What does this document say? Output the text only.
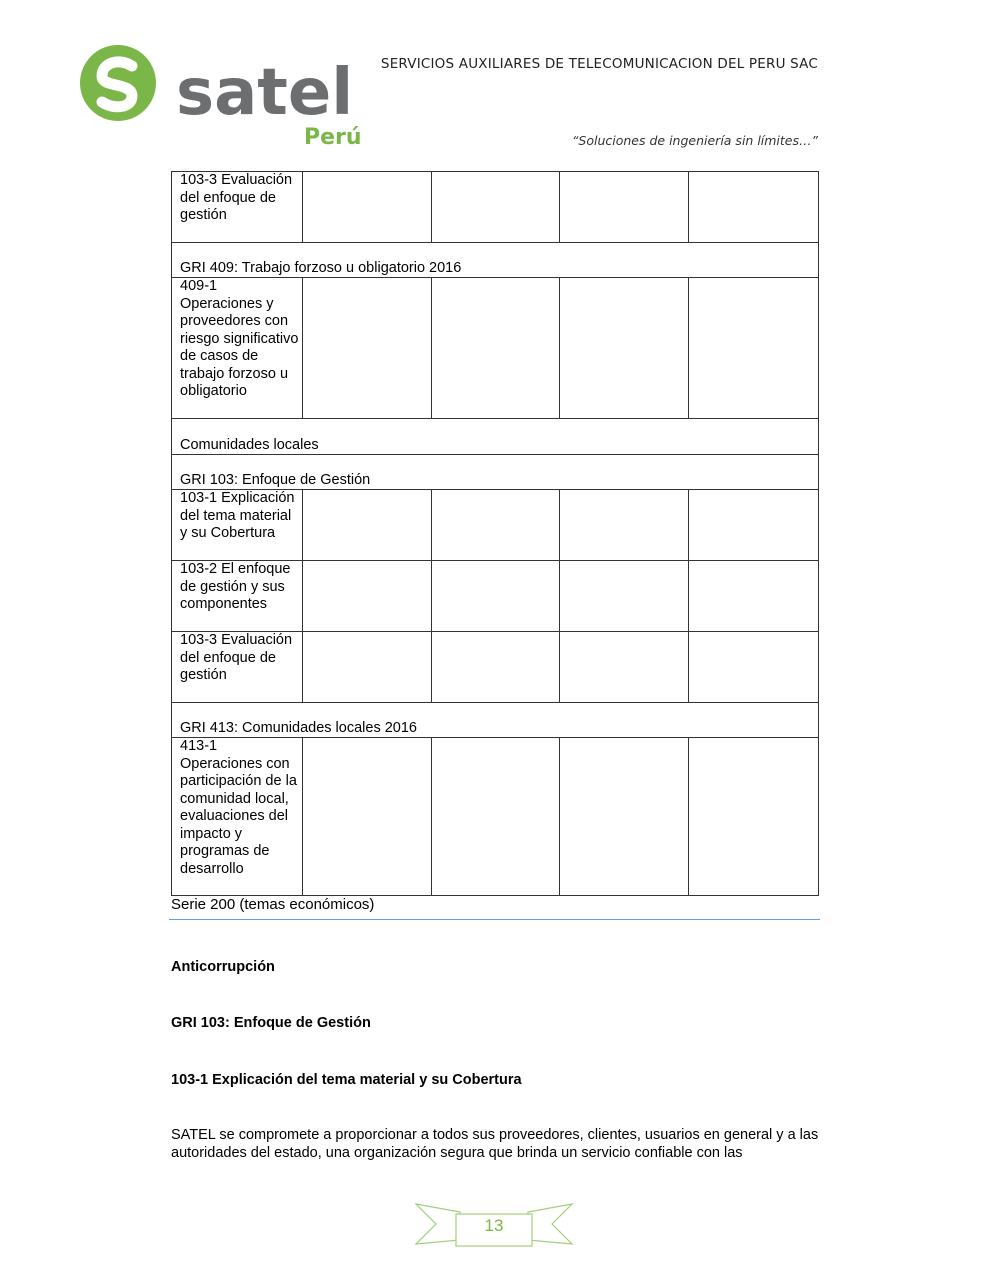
satel
Perú
SERVICIOS AUXILIARES DE TELECOMUNICACION DEL PERU SAC
“Soluciones de ingeniería sin límites…”
103-3 Evaluación del enfoque de gestión				
GRI 409: Trabajo forzoso u obligatorio 2016				
409-1 Operaciones y proveedores con riesgo significativo de casos de trabajo forzoso u obligatorio				
Comunidades locales				
GRI 103: Enfoque de Gestión				
103-1 Explicación del tema material y su Cobertura				
103-2 El enfoque de gestión y sus componentes				
103-3 Evaluación del enfoque de gestión				
GRI 413: Comunidades locales 2016				
413-1 Operaciones con participación de la comunidad local, evaluaciones del impacto y programas de desarrollo				
Serie 200 (temas económicos)
Anticorrupción
GRI 103: Enfoque de Gestión
103-1 Explicación del tema material y su Cobertura
SATEL se compromete a proporcionar a todos sus proveedores, clientes, usuarios en general y a las autoridades del estado, una organización segura que brinda un servicio confiable con las
13
